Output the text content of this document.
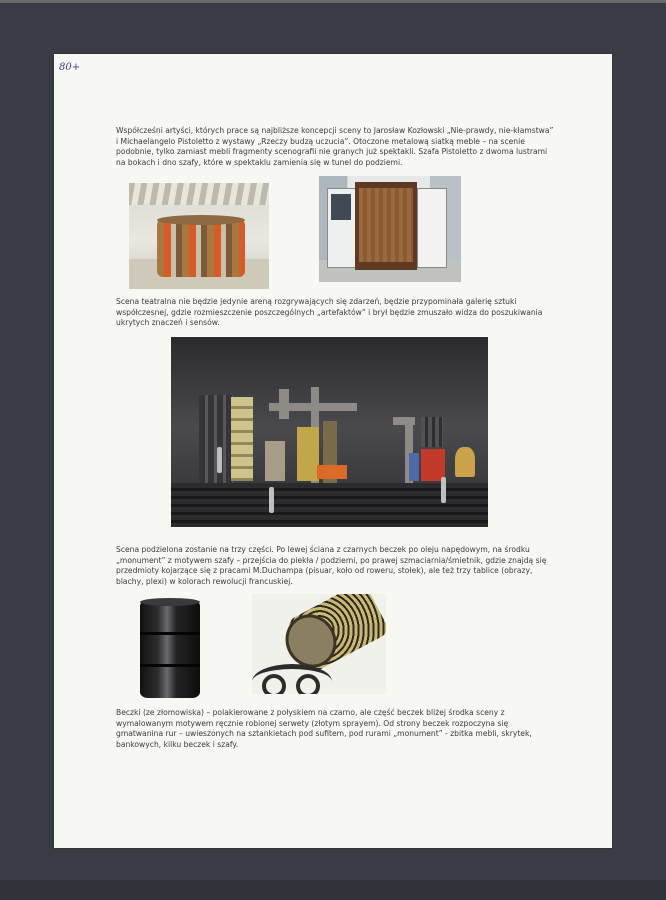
80+

Współcześni artyści, których prace są najbliższe koncepcji sceny to Jarosław Kozłowski „Nie-prawdy, nie-kłamstwa” i Michaelangelo Pistoletto z wystawy „Rzeczy budzą uczucia”. Otoczone metalową siatką meble – na scenie podobnie, tylko zamiast mebli fragmenty scenografii nie granych już spektakli. Szafa Pistoletto z dwoma lustrami na bokach i dno szafy, które w spektaklu zamienia się w tunel do podziemi.

Scena teatralna nie będzie jedynie areną rozgrywających się zdarzeń, będzie przypominała galerię sztuki współczesnej, gdzie rozmieszczenie poszczególnych „artefaktów” i brył będzie zmuszało widza do poszukiwania ukrytych znaczeń i sensów.

Scena podzielona zostanie na trzy części. Po lewej ściana z czarnych beczek po oleju napędowym, na środku „monument” z motywem szafy – przejścia do piekła / podziemi, po prawej szmaciarnia/śmietnik, gdzie znajdą się przedmioty kojarzące się z pracami M.Duchampa (pisuar, koło od roweru, stołek), ale też trzy tablice (obrazy, blachy, plexi) w kolorach rewolucji francuskiej.

Beczki (ze złomowiska) – polakierowane z połyskiem na czarno, ale część beczek bliżej środka sceny z wymalowanym motywem ręcznie robionej serwety (złotym sprayem). Od strony beczek rozpoczyna się gmatwanina rur – uwieszonych na sztankietach pod sufitem, pod rurami „monument” - zbitka mebli, skrytek, bankowych, kilku beczek i szafy.
